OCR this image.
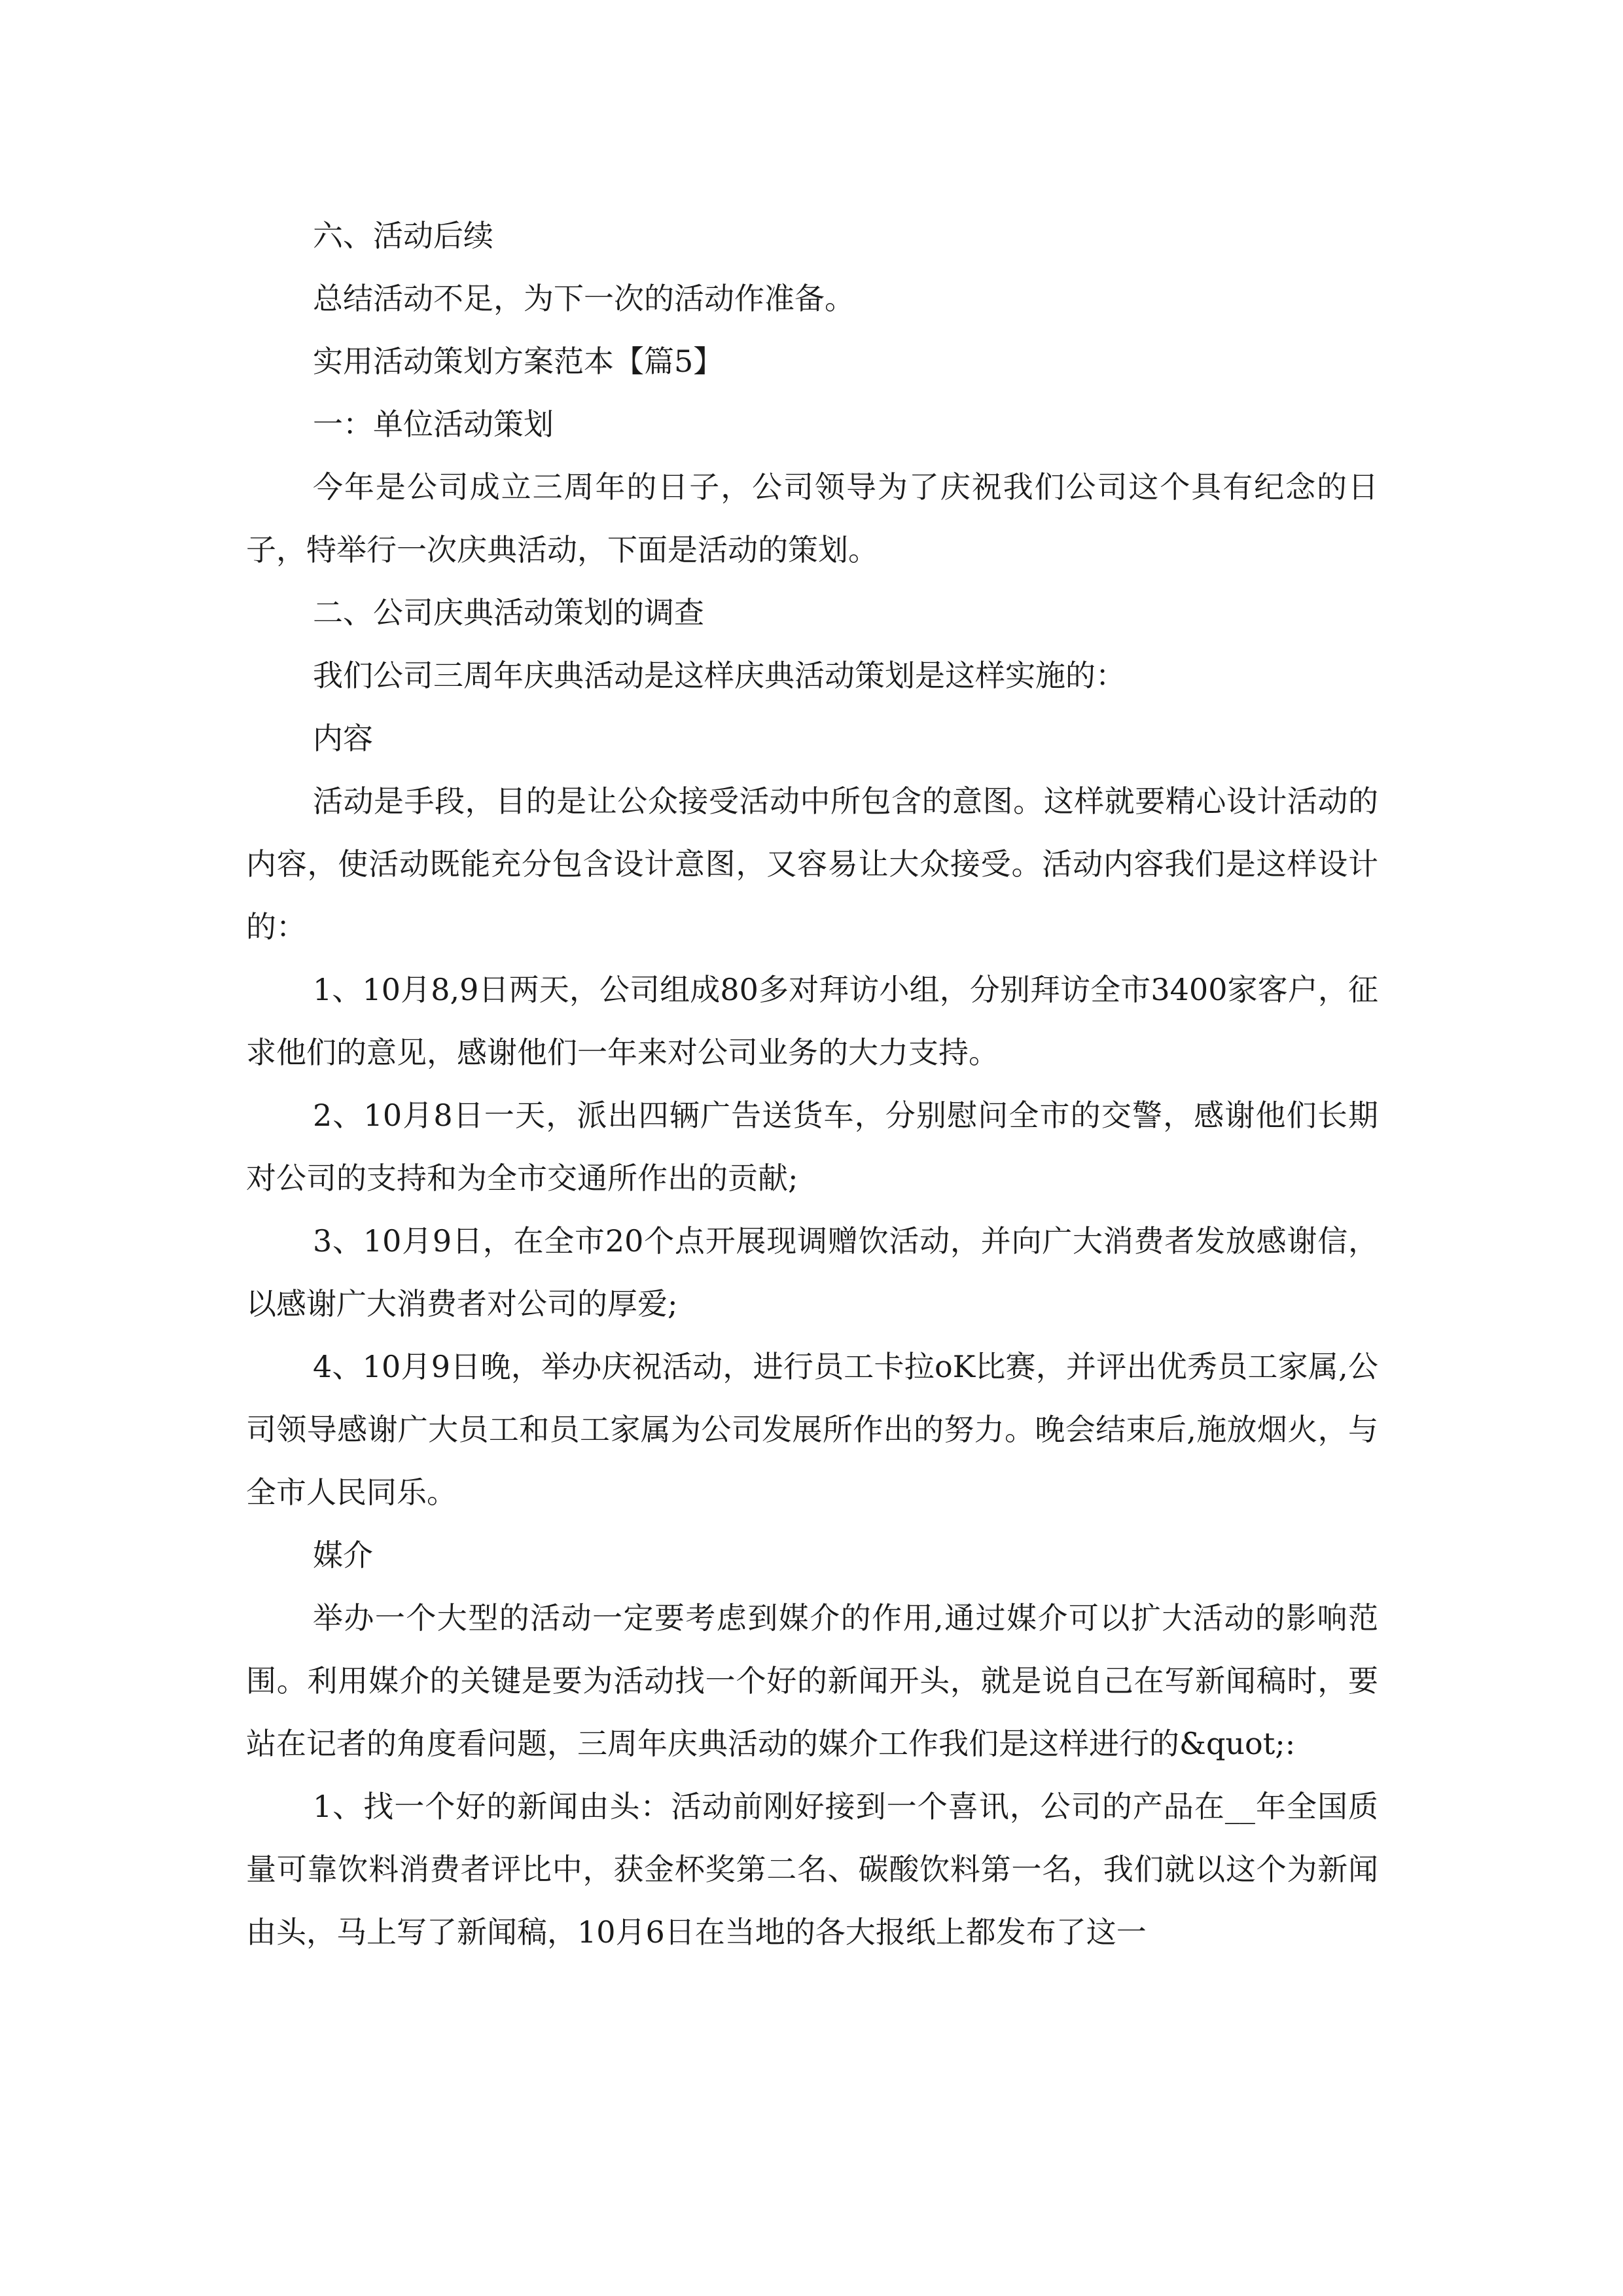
六、活动后续

总结活动不足，为下一次的活动作准备。

实用活动策划方案范本【篇5】

一：单位活动策划

今年是公司成立三周年的日子，公司领导为了庆祝我们公司这个具有纪念的日子，特举行一次庆典活动，下面是活动的策划。

二、公司庆典活动策划的调查

我们公司三周年庆典活动是这样庆典活动策划是这样实施的：

内容

活动是手段，目的是让公众接受活动中所包含的意图。这样就要精心设计活动的内容，使活动既能充分包含设计意图，又容易让大众接受。活动内容我们是这样设计的：

1、10月8,9日两天，公司组成80多对拜访小组，分别拜访全市3400家客户，征求他们的意见，感谢他们一年来对公司业务的大力支持。

2、10月8日一天，派出四辆广告送货车，分别慰问全市的交警，感谢他们长期对公司的支持和为全市交通所作出的贡献;

3、10月9日，在全市20个点开展现调赠饮活动，并向广大消费者发放感谢信，以感谢广大消费者对公司的厚爱;

4、10月9日晚，举办庆祝活动，进行员工卡拉oK比赛，并评出优秀员工家属,公司领导感谢广大员工和员工家属为公司发展所作出的努力。晚会结束后,施放烟火，与全市人民同乐。

媒介

举办一个大型的活动一定要考虑到媒介的作用,通过媒介可以扩大活动的影响范围。利用媒介的关键是要为活动找一个好的新闻开头，就是说自己在写新闻稿时，要站在记者的角度看问题，三周年庆典活动的媒介工作我们是这样进行的&quot;:

1、找一个好的新闻由头：活动前刚好接到一个喜讯，公司的产品在__年全国质量可靠饮料消费者评比中，获金杯奖第二名、碳酸饮料第一名，我们就以这个为新闻由头，马上写了新闻稿，10月6日在当地的各大报纸上都发布了这一
